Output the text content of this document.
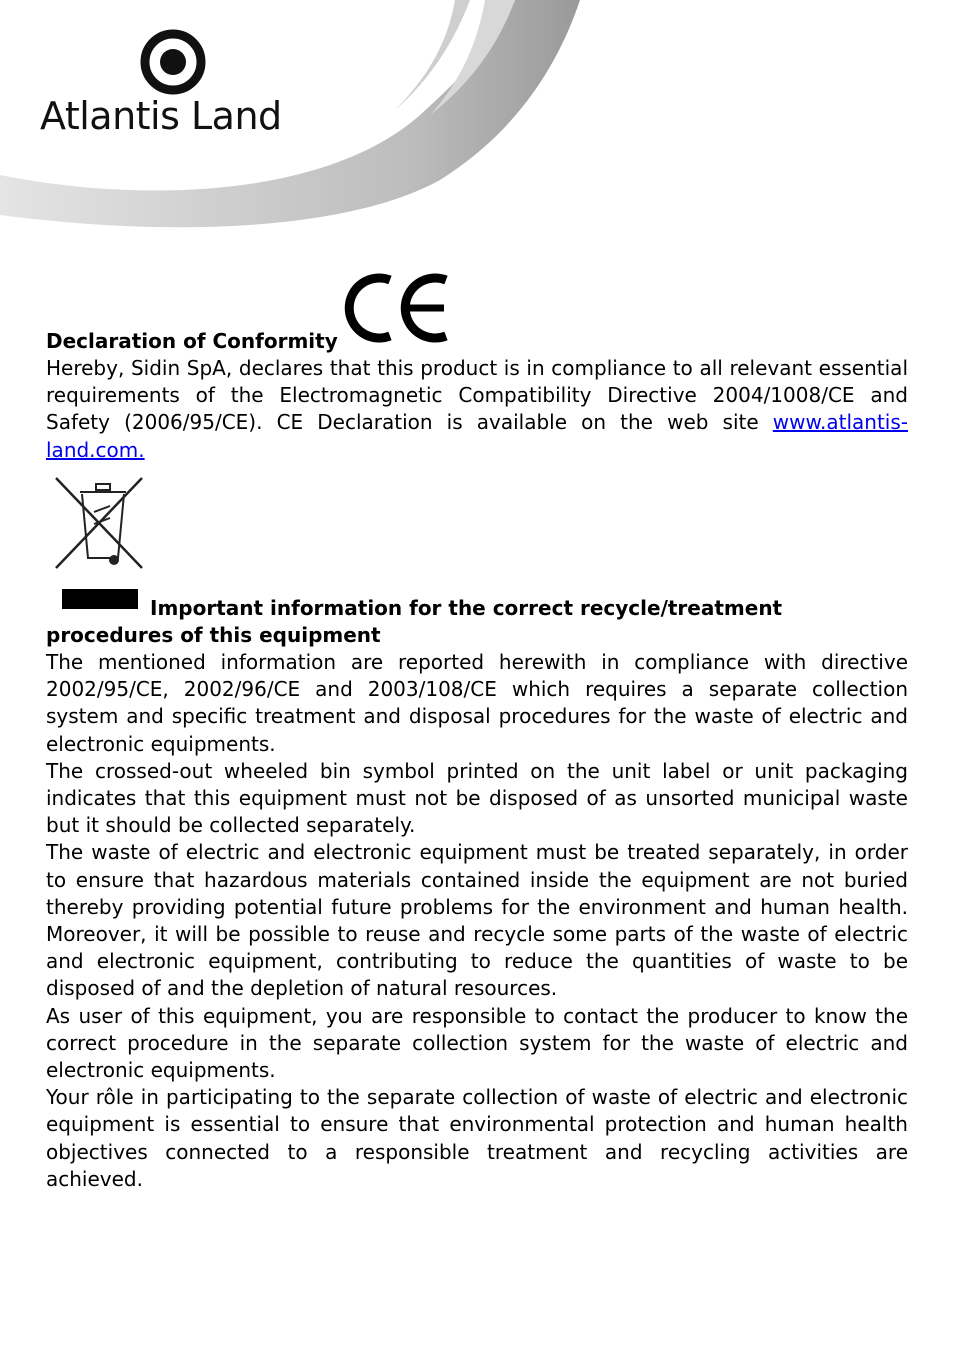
Atlantis Land
Declaration of Conformity
Hereby, Sidin SpA, declares that this product is in compliance to all relevant essential requirements of the Electromagnetic Compatibility Directive 2004/1008/CE and Safety (2006/95/CE). CE Declaration is available on the web site www.atlantis-land.com.
Important information for the correct recycle/treatment procedures of this equipment

The mentioned information are reported herewith in compliance with directive 2002/95/CE, 2002/96/CE and 2003/108/CE which requires a separate collection system and specific treatment and disposal procedures for the waste of electric and electronic equipments.

The crossed-out wheeled bin symbol printed on the unit label or unit packaging indicates that this equipment must not be disposed of as unsorted municipal waste but it should be collected separately.

The waste of electric and electronic equipment must be treated separately, in order to ensure that hazardous materials contained inside the equipment are not buried thereby providing potential future problems for the environment and human health. Moreover, it will be possible to reuse and recycle some parts of the waste of electric and electronic equipment, contributing to reduce the quantities of waste to be disposed of and the depletion of natural resources.

As user of this equipment, you are responsible to contact the producer to know the correct procedure in the separate collection system for the waste of electric and electronic equipments.

Your rôle in participating to the separate collection of waste of electric and electronic equipment is essential to ensure that environmental protection and human health objectives connected to a responsible treatment and recycling activities are achieved.
